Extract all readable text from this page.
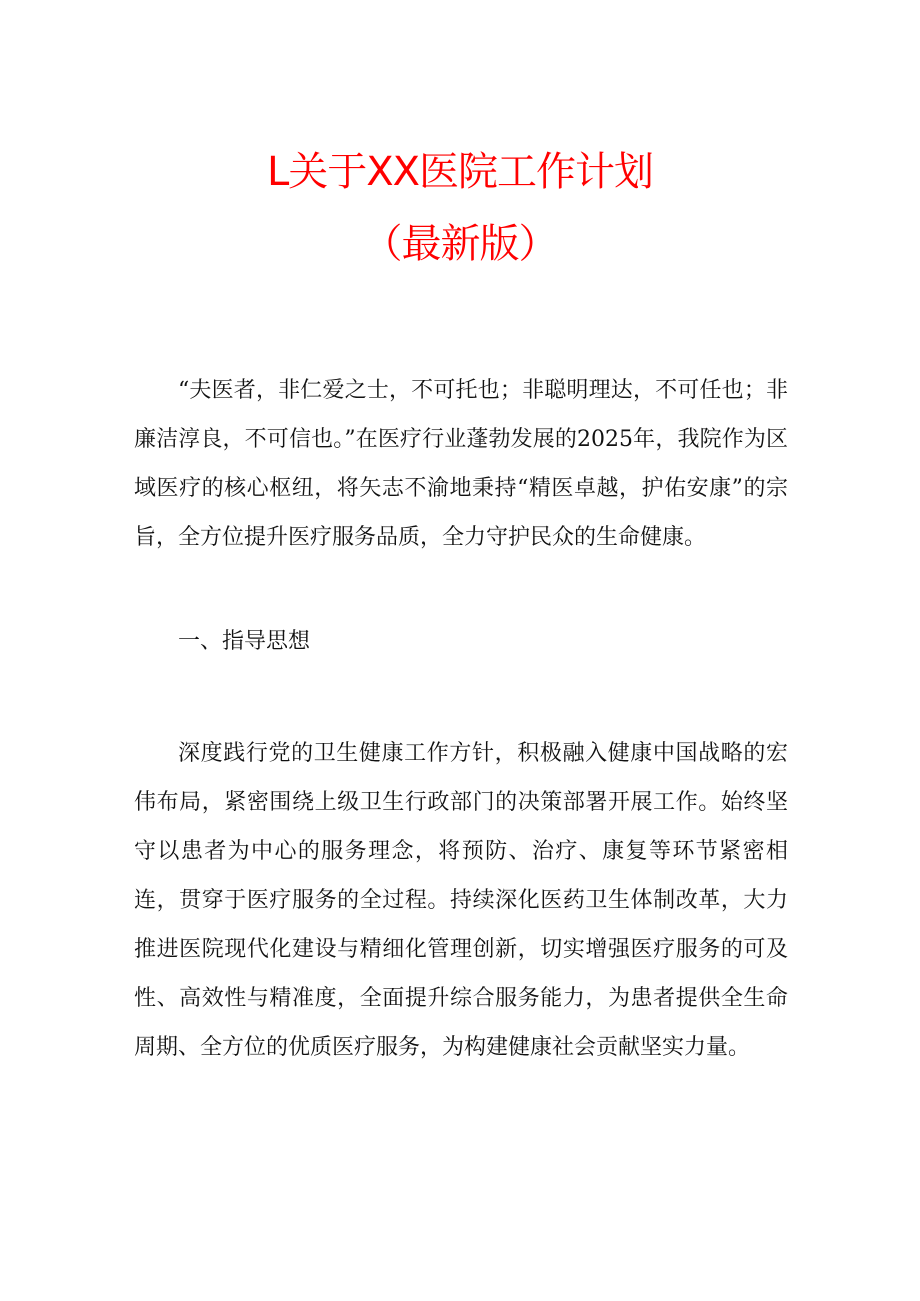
L关于XX医院工作计划
（最新版）

“夫医者，非仁爱之士，不可托也；非聪明理达，不可任也；非廉洁淳良，不可信也。”在医疗行业蓬勃发展的2025年，我院作为区域医疗的核心枢纽，将矢志不渝地秉持“精医卓越，护佑安康”的宗旨，全方位提升医疗服务品质，全力守护民众的生命健康。

一、指导思想

深度践行党的卫生健康工作方针，积极融入健康中国战略的宏伟布局，紧密围绕上级卫生行政部门的决策部署开展工作。始终坚守以患者为中心的服务理念，将预防、治疗、康复等环节紧密相连，贯穿于医疗服务的全过程。持续深化医药卫生体制改革，大力推进医院现代化建设与精细化管理创新，切实增强医疗服务的可及性、高效性与精准度，全面提升综合服务能力，为患者提供全生命周期、全方位的优质医疗服务，为构建健康社会贡献坚实力量。
